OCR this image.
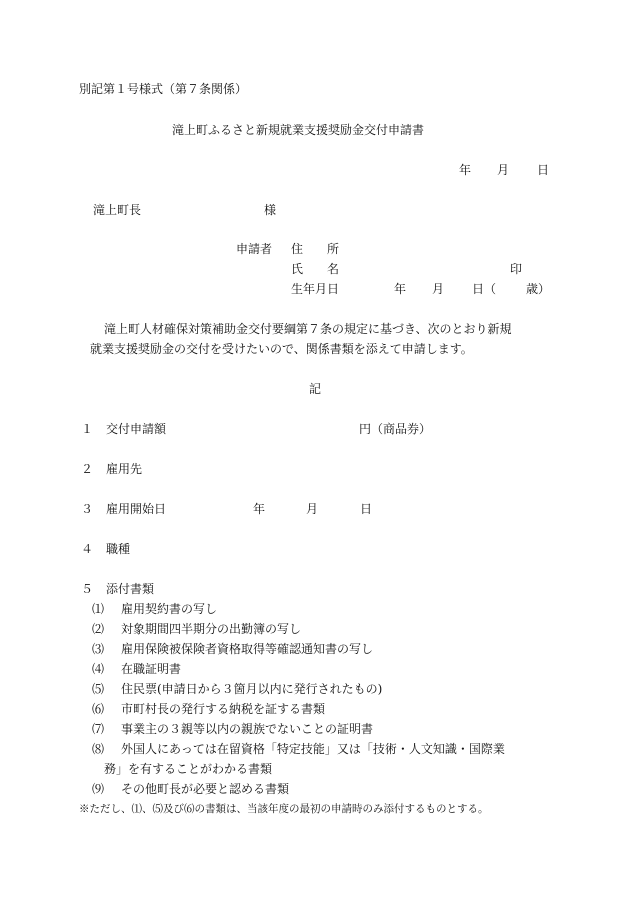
別記第１号様式（第７条関係）
滝上町ふるさと新規就業支援奨励金交付申請書
年 月 日
滝上町長	様
申請者 住　　所
氏　　名	印
生年月日	年 月 日（ 歳）
滝上町人材確保対策補助金交付要綱第７条の規定に基づき、次のとおり新規
就業支援奨励金の交付を受けたいので、関係書類を添えて申請します。
記
１ 交付申請額	円（商品券）
２ 雇用先
３ 雇用開始日	年	月	日
４ 職種
５ 添付書類
⑴ 雇用契約書の写し
⑵ 対象期間四半期分の出勤簿の写し
⑶ 雇用保険被保険者資格取得等確認通知書の写し
⑷ 在職証明書
⑸ 住民票(申請日から３箇月以内に発行されたもの)
⑹ 市町村長の発行する納税を証する書類
⑺ 事業主の３親等以内の親族でないことの証明書
⑻ 外国人にあっては在留資格「特定技能」又は「技術・人文知識・国際業
務」を有することがわかる書類
⑼ その他町長が必要と認める書類
※ただし、⑴、⑸及び⑹の書類は、当該年度の最初の申請時のみ添付するものとする。
